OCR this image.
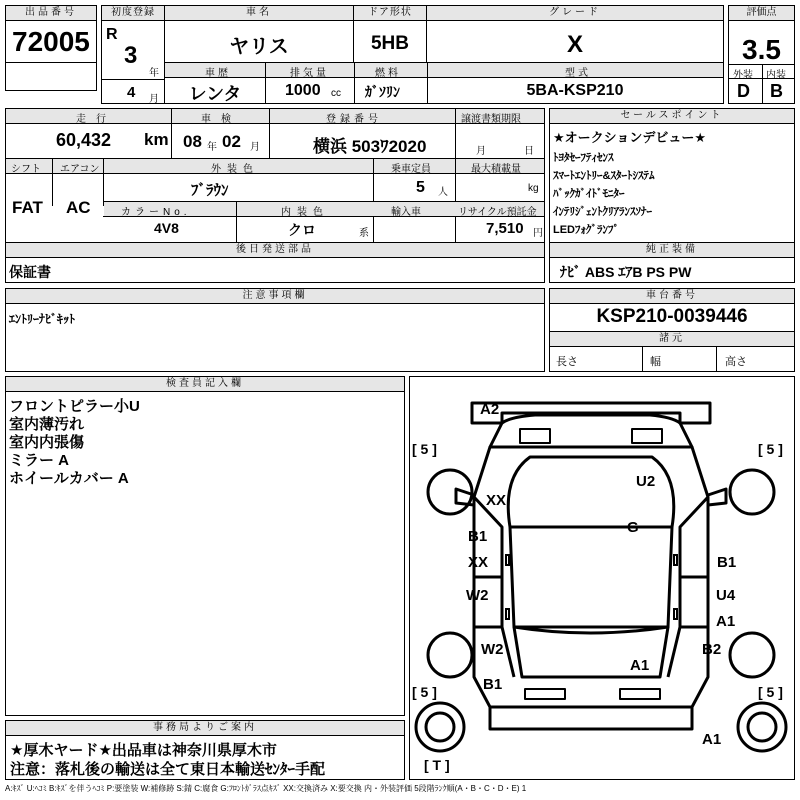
出品番号
72005
初度登録
R
3
年
4 月
車名
ヤリス
ドア形状
5HB
グレード
X
評価点
3.5
外装 内装
D B
車歴	排気量	燃料	型式
レンタ	1000 cc ｶﾞｿﾘﾝ	5BA-KSP210
走行	車検	登録番号	譲渡書類期限
60,432 km 08 年 02 月	横浜 503ﾜ2020	月	日
シフト エアコン	外装色	乗車定員	最大積載量
FAT AC
ﾌﾞﾗｳﾝ	5 人	kg
カラーNo.	内装色	輸入車	リサイクル預託金
4V8	クロ	系	7,510 円
セールスポイント
★オークションデビュー★
ﾄﾖﾀｾｰﾌﾃｨｾﾝｽ
ｽﾏｰﾄｴﾝﾄﾘｰ&ｽﾀｰﾄｼｽﾃﾑ
ﾊﾞｯｸｶﾞｲﾄﾞﾓﾆﾀｰ
ｲﾝﾃﾘｼﾞｪﾝﾄｸﾘｱﾗﾝｽｿﾅｰ
LEDﾌｫｸﾞﾗﾝﾌﾟ
後日発送部品
保証書
純正装備
ﾅﾋﾞ ABS ｴｱB PS PW
注意事項欄
ｴﾝﾄﾘｰﾅﾋﾞｷｯﾄ
車台番号
KSP210-0039446
諸元
長さ	幅	高さ
検査員記入欄
フロントピラー小U
室内薄汚れ
室内内張傷
ミラー A
ホイールカバー A
事務局よりご案内
★厚木ヤード★出品車は神奈川県厚木市
注意：落札後の輸送は全て東日本輸送ｾﾝﾀｰ手配
A2
XX
U2
G
B1
XX	B1
W2	U4
A1
W2	B2
A1
B1
A1
[ 5 ]	[ 5 ]
[ 5 ]	[ 5 ]
[ T ]
A:ｷｽﾞ U:ﾍｺﾐ B:ｷｽﾞを伴うﾍｺﾐ P:要塗装 W:補修跡 S:錆 C:腐食 G:ﾌﾛﾝﾄｶﾞﾗｽ点ｷｽﾞ XX:交換済み X:要交換 内・外装評価 5段階ﾗﾝｸ順(A・B・C・D・E) 1
